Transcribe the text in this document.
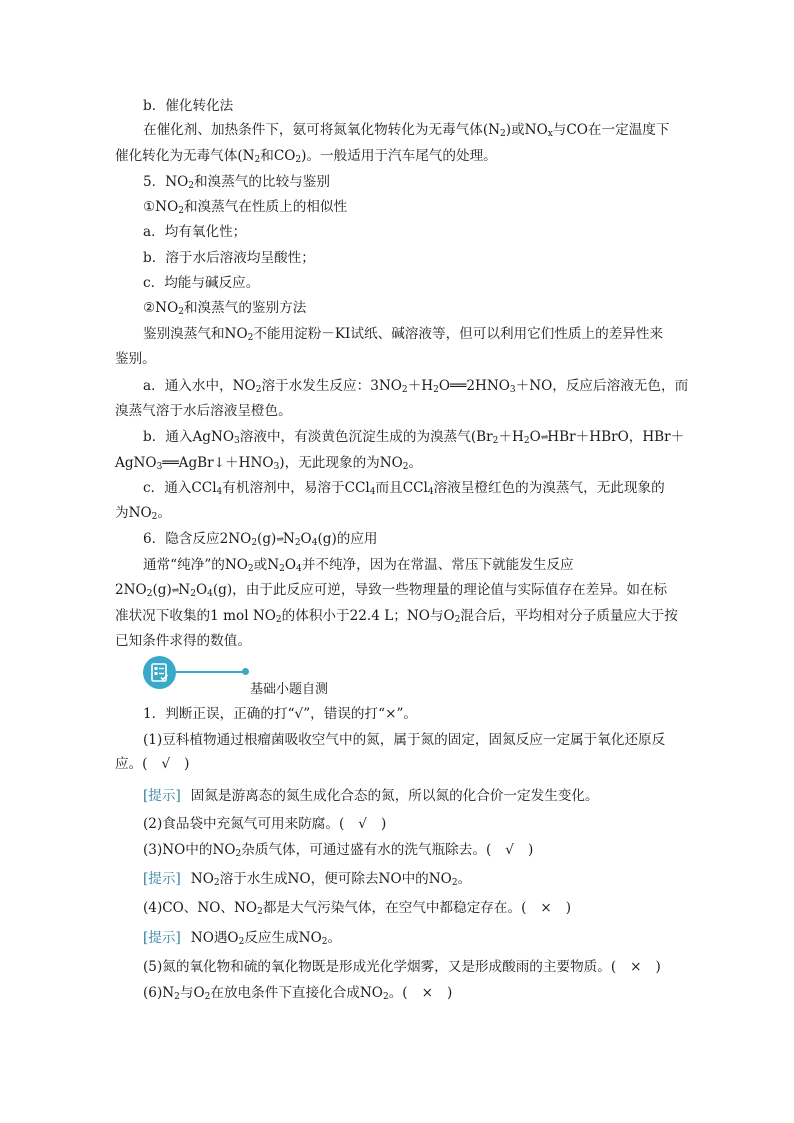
b．催化转化法
在催化剂、加热条件下，氨可将氮氧化物转化为无毒气体$(N_2)$或$NO_x$与CO在一定温度下
催化转化为无毒气体($N_2$和$CO_2$)。一般适用于汽车尾气的处理。
5．$NO_2$和溴蒸气的比较与鉴别
$①NO_2$和溴蒸气在性质上的相似性
a．均有氧化性；
b．溶于水后溶液均呈酸性；
c．均能与碱反应。
$②NO_2$和溴蒸气的鉴别方法
鉴别溴蒸气和$NO_2$不能用淀粉－KI试纸、碱溶液等，但可以利用它们性质上的差异性来
鉴别。
a．通入水中，$NO_2$溶于水发生反应：$3NO_2+H_2O══2HNO_3+NO$，反应后溶液无色，而
溴蒸气溶于水后溶液呈橙色。
b．通入AgNO$_3$溶液中，有淡黄色沉淀生成的为溴蒸气($Br_2+H_2O\rightleftharpoons HBr+HBrO$，HBr＋
$AgNO_3══AgBr↓+HNO_3$)，无此现象的为$NO_2$。
c．通入CCl$_4$有机溶剂中，易溶于CCl$_4$而且CCl$_4$溶液呈橙红色的为溴蒸气，无此现象的
为$NO_2$。
6．隐含反应$2NO_2(g)\rightleftharpoons N_2O_4(g)$的应用
通常“纯净”的$NO_2$或$N_2O_4$并不纯净，因为在常温、常压下就能发生反应
$2NO_2(g)\rightleftharpoons N_2O_4(g)$，由于此反应可逆，导致一些物理量的理论值与实际值存在差异。如在标
准状况下收集的1 mol $NO_2$的体积小于22.4 L；NO与$O_2$混合后，平均相对分子质量应大于按
已知条件求得的数值。
基础小题自测
1．判断正误，正确的打“√”，错误的打“×”。
(1)豆科植物通过根瘤菌吸收空气中的氮，属于氮的固定，固氮反应一定属于氧化还原反
应。( √ )
[提示] 固氮是游离态的氮生成化合态的氮，所以氮的化合价一定发生变化。
(2)食品袋中充氮气可用来防腐。( √ )
(3)NO中的$NO_2$杂质气体，可通过盛有水的洗气瓶除去。( √ )
[提示] $NO_2$溶于水生成NO，便可除去NO中的$NO_2$。
(4)CO、NO、$NO_2$都是大气污染气体，在空气中都稳定存在。( × )
[提示] NO遇$O_2$反应生成$NO_2$。
(5)氮的氧化物和硫的氧化物既是形成光化学烟雾，又是形成酸雨的主要物质。( × )
$(6)N_2$与$O_2$在放电条件下直接化合成$NO_2$。( × )
